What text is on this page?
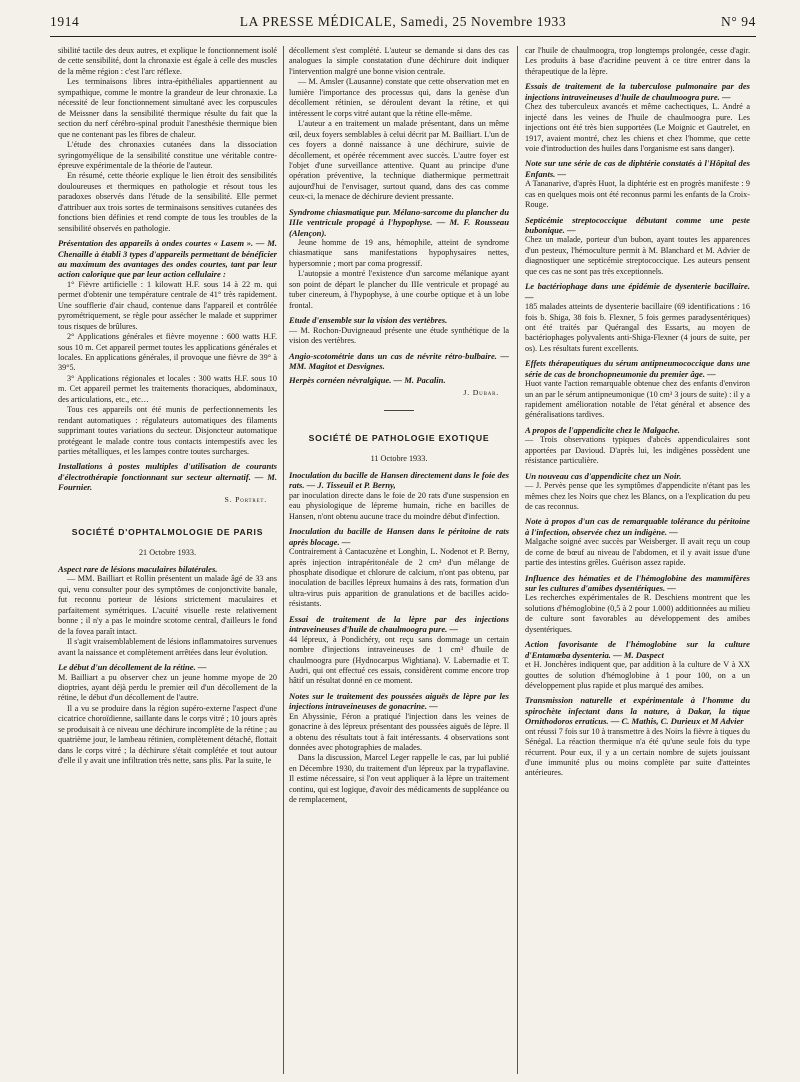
1914	LA PRESSE MÉDICALE, Samedi, 25 Novembre 1933	N° 94

sibilité tactile des deux autres, et explique le fonctionnement isolé de cette sensibilité, dont la chronaxie est égale à celle des muscles de la même région : c'est l'arc réflexe.

Les terminaisons libres intra-épithéliales appartiennent au sympathique, comme le montre la grandeur de leur chronaxie. La nécessité de leur fonctionnement simultané avec les corpuscules de Meissner dans la sensibilité thermique résulte du fait que la section du nerf cérébro-spinal produit l'anesthésie thermique bien que ne contenant pas les fibres de chaleur.

L'étude des chronaxies cutanées dans la dissociation syringomyélique de la sensibilité constitue une véritable contre-épreuve expérimentale de la théorie de l'auteur.

En résumé, cette théorie explique le lien étroit des sensibilités douloureuses et thermiques en pathologie et résout tous les paradoxes observés dans l'étude de la sensibilité. Elle permet d'attribuer aux trois sortes de terminaisons sensitives cutanées des fonctions bien définies et rend compte de tous les troubles de la sensibilité observés en pathologie.

Présentation des appareils à ondes courtes « Lasem ». — M. Chenaille à établi 3 types d'appareils permettant de bénéficier au maximum des avantages des ondes courtes, tant par leur action calorique que par leur action cellulaire :

1° Fièvre artificielle : 1 kilowatt H.F. sous 14 à 22 m. qui permet d'obtenir une température centrale de 41° très rapidement. Une soufflerie d'air chaud, contenue dans l'appareil et contrôlée pyrométriquement, se règle pour assécher le malade et supprimer tous risques de brûlures.

2° Applications générales et fièvre moyenne : 600 watts H.F. sous 10 m. Cet appareil permet toutes les applications générales et locales. En applications générales, il provoque une fièvre de 39° à 39°5.

3° Applications régionales et locales : 300 watts H.F. sous 10 m. Cet appareil permet les traitements thoraciques, abdominaux, des articulations, etc., etc…

Tous ces appareils ont été munis de perfectionnements les rendant automatiques : régulateurs automatiques des filaments supprimant toutes variations du secteur. Disjoncteur automatique protégeant le malade contre tous contacts intempestifs avec les parties métalliques, et les lampes contre toutes surcharges.

Installations à postes multiples d'utilisation de courants d'électrothérapie fonctionnant sur secteur alternatif. — M. Fournier.

S. Portret.
SOCIÉTÉ D'OPHTALMOLOGIE DE PARIS
21 Octobre 1933.

Aspect rare de lésions maculaires bilatérales.

— MM. Bailliart et Rollin présentent un malade âgé de 33 ans qui, venu consulter pour des symptômes de conjonctivite banale, fut reconnu porteur de lésions strictement maculaires et parfaitement symétriques. L'acuité visuelle reste relativement bonne ; il n'y a pas le moindre scotome central, d'ailleurs le fond de la fovea paraît intact.

Il s'agit vraisemblablement de lésions inflammatoires survenues avant la naissance et complètement arrêtées dans leur évolution.

Le début d'un décollement de la rétine. —

M. Bailliart a pu observer chez un jeune homme myope de 20 dioptries, ayant déjà perdu le premier œil d'un décollement de la rétine, le début d'un décollement de l'autre.

Il a vu se produire dans la région supéro-externe l'aspect d'une cicatrice choroïdienne, saillante dans le corps vitré ; 10 jours après se produisait à ce niveau une déchirure incomplète de la rétine ; au quatrième jour, le lambeau rétinien, complètement détaché, flottait dans le corps vitré ; la déchirure s'était complétée et tout autour d'elle il y avait une infiltration très nette, sans plis. Par la suite, le

décollement s'est complété. L'auteur se demande si dans des cas analogues la simple constatation d'une déchirure doit indiquer l'intervention malgré une bonne vision centrale.

— M. Amsler (Lausanne) constate que cette observation met en lumière l'importance des processus qui, dans la genèse d'un décollement rétinien, se déroulent devant la rétine, et qui intéressent le corps vitré autant que la rétine elle-même.

L'auteur a en traitement un malade présentant, dans un même œil, deux foyers semblables à celui décrit par M. Bailliart. L'un de ces foyers a donné naissance à une déchirure, suivie de décollement, et opérée récemment avec succès. L'autre foyer est l'objet d'une surveillance attentive. Quant au principe d'une opération préventive, la technique diathermique permettrait aujourd'hui de l'envisager, surtout quand, dans des cas comme ceux-ci, la menace de déchirure devient pressante.

Syndrome chiasmatique pur. Mélano-sarcome du plancher du IIIe ventricule propagé à l'hypophyse. — M. F. Rousseau (Alençon).

Jeune homme de 19 ans, hémophile, atteint de syndrome chiasmatique sans manifestations hypophysaires nettes, hypersomnie ; mort par coma progressif.

L'autopsie a montré l'existence d'un sarcome mélanique ayant son point de départ le plancher du IIIe ventricule et propagé au tuber cinereum, à l'hypophyse, à une courbe optique et à un lobe frontal.

Etude d'ensemble sur la vision des vertèbres.

— M. Rochon-Duvigneaud présente une étude synthétique de la vision des vertèbres.

Angio-scotométrie dans un cas de névrite rétro-bulbaire. — MM. Magitot et Desvignes.

Herpès cornéen névralgique. — M. Pacalin.

J. Dubar.
SOCIÉTÉ DE PATHOLOGIE EXOTIQUE
11 Octobre 1933.

Inoculation du bacille de Hansen directement dans le foie des rats. — J. Tisseuil et P. Berny,

par inoculation directe dans le foie de 20 rats d'une suspension en eau physiologique de lépreme humain, riche en bacilles de Hansen, n'ont obtenu aucune trace du moindre début d'infection.

Inoculation du bacille de Hansen dans le péritoine de rats après blocage. —

Contrairement à Cantacuzène et Longhin, L. Nodenot et P. Berny, après injection intrapéritonéale de 2 cm³ d'un mélange de phosphate disodique et chlorure de calcium, n'ont pas obtenu, par inoculation de bacilles lépreux humains à des rats, formation d'un ultra-virus puis apparition de granulations et de bacilles acido-résistants.

Essai de traitement de la lèpre par des injections intraveineuses d'huile de chaulmoogra pure. —

44 lépreux, à Pondichéry, ont reçu sans dommage un certain nombre d'injections intraveineuses de 1 cm³ d'huile de chaulmoogra pure (Hydnocarpus Wightiana). V. Labernadie et T. Audri, qui ont effectué ces essais, considèrent comme encore trop hâtif un résultat donné en ce moment.

Notes sur le traitement des poussées aiguës de lèpre par les injections intraveineuses de gonacrine. —

En Abyssinie, Féron a pratiqué l'injection dans les veines de gonacrine à des lépreux présentant des poussées aiguës de lèpre. Il a obtenu des résultats tout à fait intéressants. 4 observations sont données avec photographies de malades.

Dans la discussion, Marcel Leger rappelle le cas, par lui publié en Décembre 1930, du traitement d'un lépreux par la trypaflavine. Il estime nécessaire, si l'on veut appliquer à la lèpre un traitement continu, qui est logique, d'avoir des médicaments de suppléance ou de remplacement,

car l'huile de chaulmoogra, trop longtemps prolongée, cesse d'agir. Les produits à base d'acridine peuvent à ce titre entrer dans la thérapeutique de la lèpre.

Essais de traitement de la tuberculose pulmonaire par des injections intraveineuses d'huile de chaulmoogra pure. —

Chez des tuberculeux avancés et même cachectiques, L. André a injecté dans les veines de l'huile de chaulmoogra pure. Les injections ont été très bien supportées (Le Moignic et Gautrelet, en 1917, avaient montré, chez les chiens et chez l'homme, que cette voie d'introduction des huiles dans l'organisme est sans danger).

Note sur une série de cas de diphtérie constatés à l'Hôpital des Enfants. —

A Tananarive, d'après Huot, la diphtérie est en progrès manifeste : 9 cas en quelques mois ont été reconnus parmi les enfants de la Croix-Rouge.

Septicémie streptococcique débutant comme une peste bubonique. —

Chez un malade, porteur d'un bubon, ayant toutes les apparences d'un pesteux, l'hémoculture permit à M. Blanchard et M. Advier de diagnostiquer une septicémie streptococcique. Les auteurs pensent que ces cas ne sont pas très exceptionnels.

Le bactériophage dans une épidémie de dysenterie bacillaire. —

185 malades atteints de dysenterie bacillaire (69 identifications : 16 fois b. Shiga, 38 fois b. Flexner, 5 fois germes paradysentériques) ont été traités par Quérangal des Essarts, au moyen de bactériophages polyvalents anti-Shiga-Flexner (4 jours de suite, per os). Les résultats furent excellents.

Effets thérapeutiques du sérum antipneumococcique dans une série de cas de bronchopneumonie du premier âge. —

Huot vante l'action remarquable obtenue chez des enfants d'environ un an par le sérum antipneumonique (10 cm³ 3 jours de suite) : il y a rapidement amélioration notable de l'état général et absence des généralisations tardives.

A propos de l'appendicite chez le Malgache.

— Trois observations typiques d'abcès appendiculaires sont apportées par Davioud. D'après lui, les indigènes possèdent une résistance particulière.

Un nouveau cas d'appendicite chez un Noir.

— J. Pervès pense que les symptômes d'appendicite n'étant pas les mêmes chez les Noirs que chez les Blancs, on a l'explication du peu de cas reconnus.

Note à propos d'un cas de remarquable tolérance du péritoine à l'infection, observée chez un indigène. —

Malgache soigné avec succès par Weisberger. Il avait reçu un coup de corne de bœuf au niveau de l'abdomen, et il y avait issue d'une partie des intestins grêles. Guérison assez rapide.

Influence des hématies et de l'hémoglobine des mammifères sur les cultures d'amibes dysentériques. —

Les recherches expérimentales de R. Deschiens montrent que les solutions d'hémoglobine (0,5 à 2 pour 1.000) additionnées au milieu de culture sont favorables au développement des amibes dysentériques.

Action favorisante de l'hémoglobine sur la culture d'Entamœba dysenteria. — M. Daspect

et H. Jonchères indiquent que, par addition à la culture de V à XX gouttes de solution d'hémoglobine à 1 pour 100, on a un développement plus rapide et plus marqué des amibes.

Transmission naturelle et expérimentale à l'homme du spirochète infectant dans la nature, à Dakar, la tique Ornithodoros erraticus. — C. Mathis, C. Durieux et M Advier

ont réussi 7 fois sur 10 à transmettre à des Noirs la fièvre à tiques du Sénégal. La réaction thermique n'a été qu'une seule fois du type récurrent. Pour eux, il y a un certain nombre de sujets jouissant d'une immunité plus ou moins complète par suite d'atteintes antérieures.
